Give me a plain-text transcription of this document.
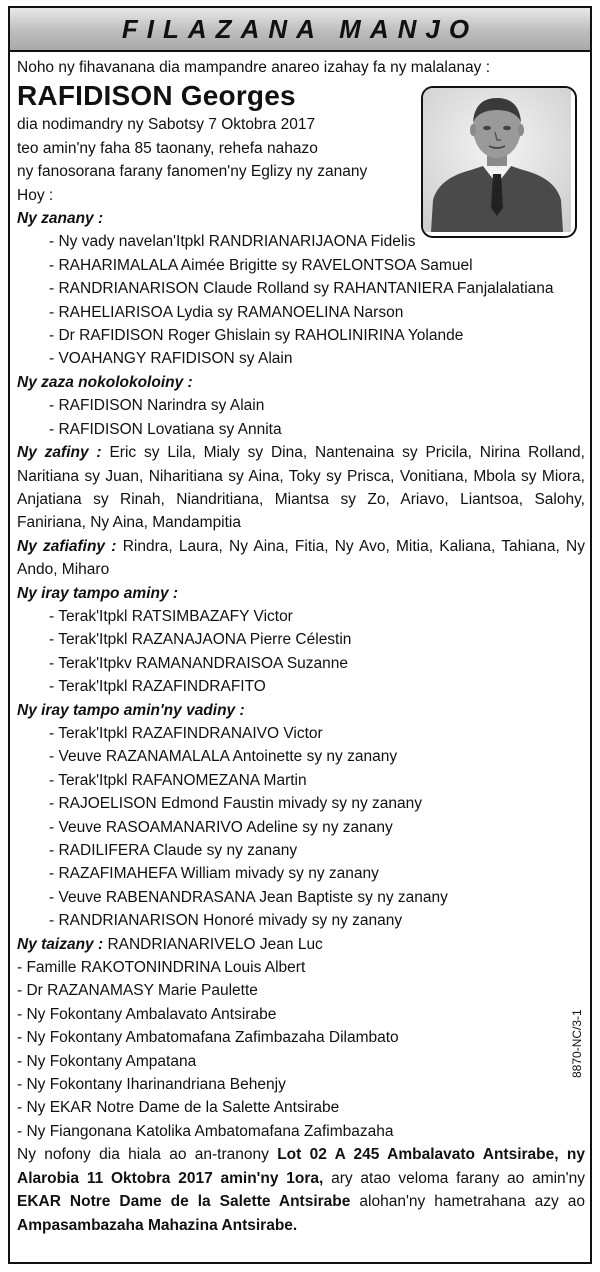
FILAZANA MANJO

Noho ny fihavanana dia mampandre anareo izahay fa ny malalanay :

RAFIDISON Georges

dia nodimandry ny Sabotsy 7 Oktobra 2017

teo amin'ny faha 85 taonany, rehefa nahazo

ny fanosorana farany fanomen'ny Eglizy ny zanany

Hoy :

Ny zanany :

- Ny vady navelan'Itpkl RANDRIANARIJAONA Fidelis

- RAHARIMALALA Aimée Brigitte sy RAVELONTSOA Samuel

- RANDRIANARISON Claude Rolland sy RAHANTANIERA Fanjalalatiana

- RAHELIARISOA Lydia sy RAMANOELINA Narson

- Dr RAFIDISON Roger Ghislain sy RAHOLINIRINA Yolande

- VOAHANGY RAFIDISON sy Alain

Ny zaza nokolokoloiny :

- RAFIDISON Narindra sy Alain

- RAFIDISON Lovatiana sy Annita

Ny zafiny : Eric sy Lila, Mialy sy Dina, Nantenaina sy Pricila, Nirina Rolland, Naritiana sy Juan, Niharitiana sy Aina, Toky sy Prisca, Vonitiana, Mbola sy Miora, Anjatiana sy Rinah, Niandritiana, Miantsa sy Zo, Ariavo, Liantsoa, Salohy, Faniriana, Ny Aina, Mandampitia

Ny zafiafiny : Rindra, Laura, Ny Aina, Fitia, Ny Avo, Mitia, Kaliana, Tahiana, Ny Ando, Miharo

Ny iray tampo aminy :

- Terak'Itpkl RATSIMBAZAFY Victor

- Terak'Itpkl RAZANAJAONA Pierre Célestin

- Terak'Itpkv RAMANANDRAISOA Suzanne

- Terak'Itpkl RAZAFINDRAFITO

Ny iray tampo amin'ny vadiny :

- Terak'Itpkl RAZAFINDRANAIVO Victor

- Veuve RAZANAMALALA Antoinette sy ny zanany

- Terak'Itpkl RAFANOMEZANA Martin

- RAJOELISON Edmond Faustin mivady sy ny zanany

- Veuve RASOAMANARIVO Adeline sy ny zanany

- RADILIFERA Claude sy ny zanany

- RAZAFIMAHEFA William mivady sy ny zanany

- Veuve RABENANDRASANA Jean Baptiste sy ny zanany

- RANDRIANARISON Honoré mivady sy ny zanany

Ny taizany : RANDRIANARIVELO Jean Luc

- Famille RAKOTONINDRINA Louis Albert

- Dr RAZANAMASY Marie Paulette

- Ny Fokontany Ambalavato Antsirabe

- Ny Fokontany Ambatomafana Zafimbazaha Dilambato

- Ny Fokontany Ampatana

- Ny Fokontany Iharinandriana Behenjy

- Ny EKAR Notre Dame de la Salette Antsirabe

- Ny Fiangonana Katolika Ambatomafana Zafimbazaha

Ny nofony dia hiala ao an-tranony Lot 02 A 245 Ambalavato Antsirabe, ny Alarobia 11 Oktobra 2017 amin'ny 1ora, ary atao veloma farany ao amin'ny EKAR Notre Dame de la Salette Antsirabe alohan'ny hametrahana azy ao Ampasambazaha Mahazina Antsirabe.

8870-NC/3-1
